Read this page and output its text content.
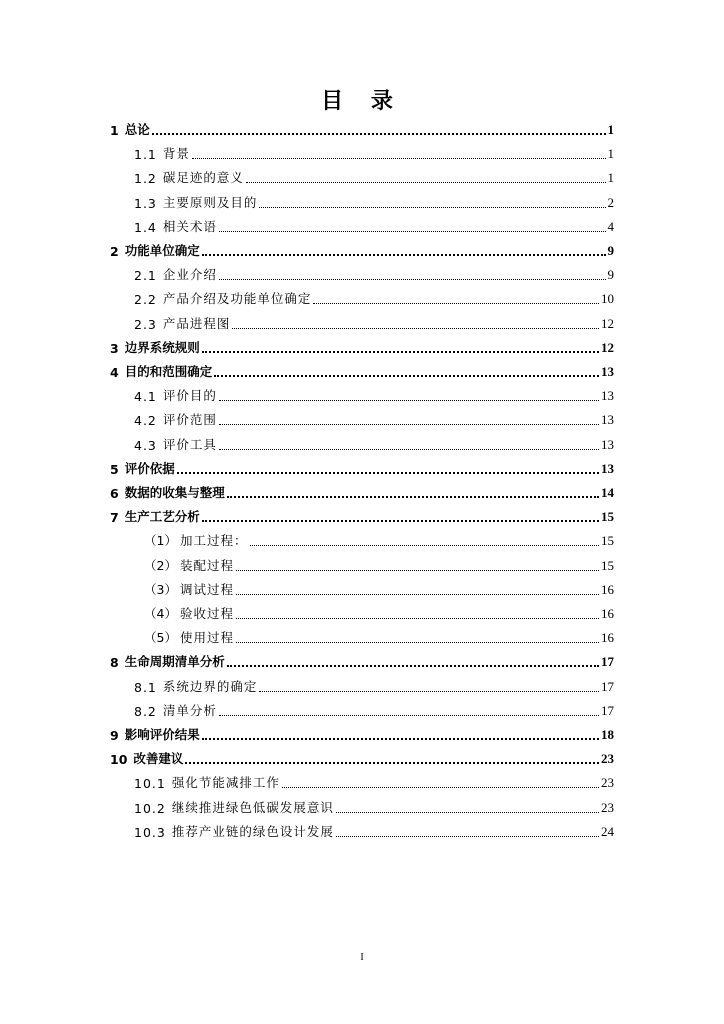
目 录
1 总论	1
1.1 背景	1
1.2 碳足迹的意义	1
1.3 主要原则及目的	2
1.4 相关术语	4
2 功能单位确定	9
2.1 企业介绍	9
2.2 产品介绍及功能单位确定	10
2.3 产品进程图	12
3 边界系统规则	12
4 目的和范围确定	13
4.1 评价目的	13
4.2 评价范围	13
4.3 评价工具	13
5 评价依据	13
6 数据的收集与整理	14
7 生产工艺分析	15
（1） 加工过程：	15
（2） 装配过程	15
（3） 调试过程	16
（4） 验收过程	16
（5） 使用过程	16
8 生命周期清单分析	17
8.1 系统边界的确定	17
8.2 清单分析	17
9 影响评价结果	18
10 改善建议	23
10.1 强化节能减排工作	23
10.2 继续推进绿色低碳发展意识	23
10.3 推荐产业链的绿色设计发展	24
I
